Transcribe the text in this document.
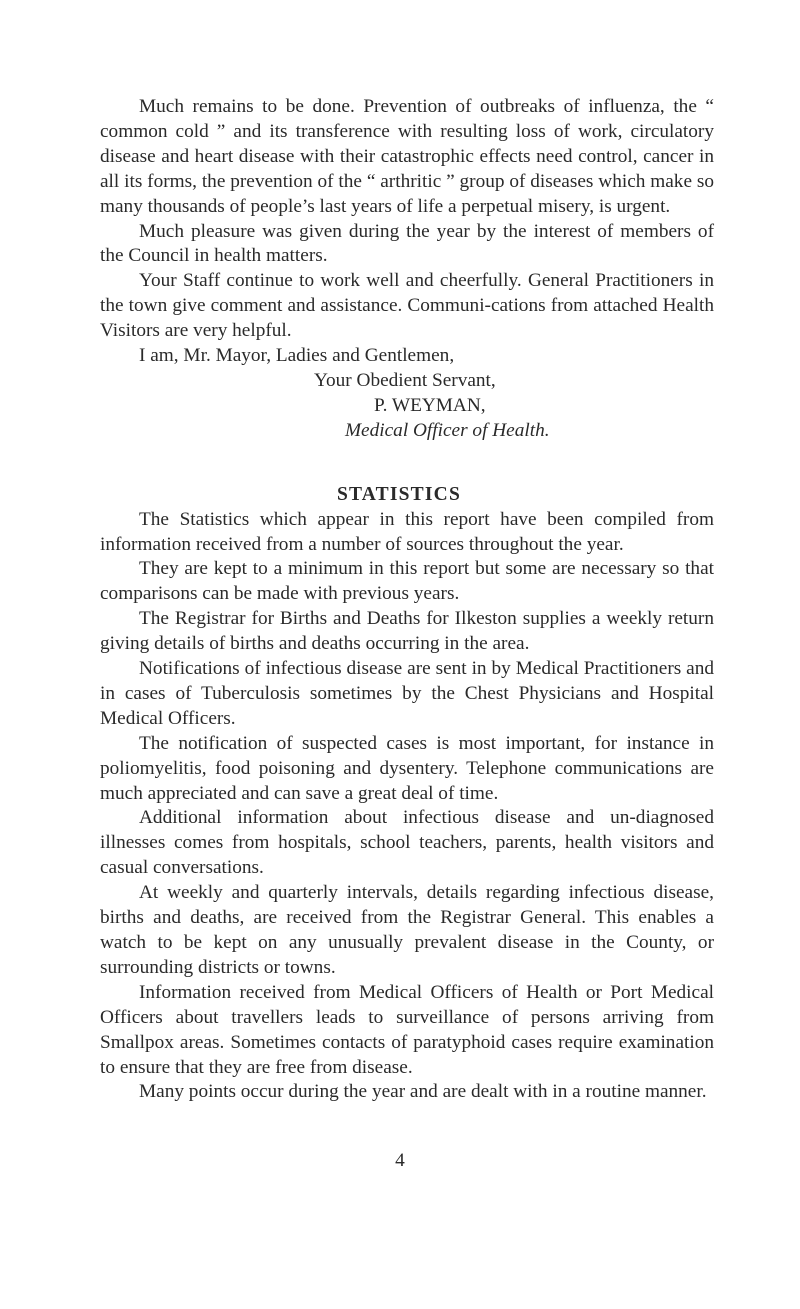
Much remains to be done. Prevention of outbreaks of influenza, the “ common cold ” and its transference with resulting loss of work, circulatory disease and heart disease with their catastrophic effects need control, cancer in all its forms, the prevention of the “ arthritic ” group of diseases which make so many thousands of people’s last years of life a perpetual misery, is urgent.

Much pleasure was given during the year by the interest of members of the Council in health matters.

Your Staff continue to work well and cheerfully. General Practitioners in the town give comment and assistance. Communi-cations from attached Health Visitors are very helpful.

I am, Mr. Mayor, Ladies and Gentlemen,

Your Obedient Servant,
P. WEYMAN,
Medical Officer of Health.
STATISTICS

The Statistics which appear in this report have been compiled from information received from a number of sources throughout the year.

They are kept to a minimum in this report but some are necessary so that comparisons can be made with previous years.

The Registrar for Births and Deaths for Ilkeston supplies a weekly return giving details of births and deaths occurring in the area.

Notifications of infectious disease are sent in by Medical Practitioners and in cases of Tuberculosis sometimes by the Chest Physicians and Hospital Medical Officers.

The notification of suspected cases is most important, for instance in poliomyelitis, food poisoning and dysentery. Telephone communications are much appreciated and can save a great deal of time.

Additional information about infectious disease and un-diagnosed illnesses comes from hospitals, school teachers, parents, health visitors and casual conversations.

At weekly and quarterly intervals, details regarding infectious disease, births and deaths, are received from the Registrar General. This enables a watch to be kept on any unusually prevalent disease in the County, or surrounding districts or towns.

Information received from Medical Officers of Health or Port Medical Officers about travellers leads to surveillance of persons arriving from Smallpox areas. Sometimes contacts of paratyphoid cases require examination to ensure that they are free from disease.

Many points occur during the year and are dealt with in a routine manner.

4
